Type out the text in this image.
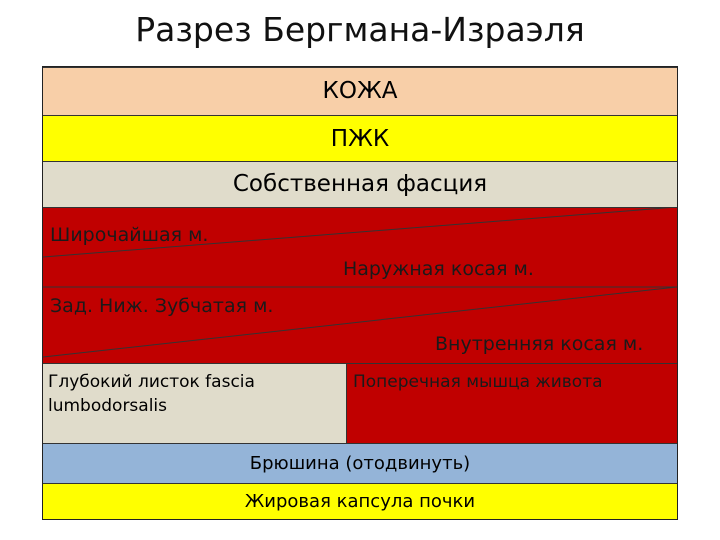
Разрез Бергмана-Израэля
КОЖА
ПЖК
Собственная фасция
Широчайшая м.
Наружная косая м.
Зад. Ниж. Зубчатая м.
Внутренняя косая м.
Глубокий листок fascia lumbodorsalis
Поперечная мышца живота
Брюшина (отодвинуть)
Жировая капсула почки
